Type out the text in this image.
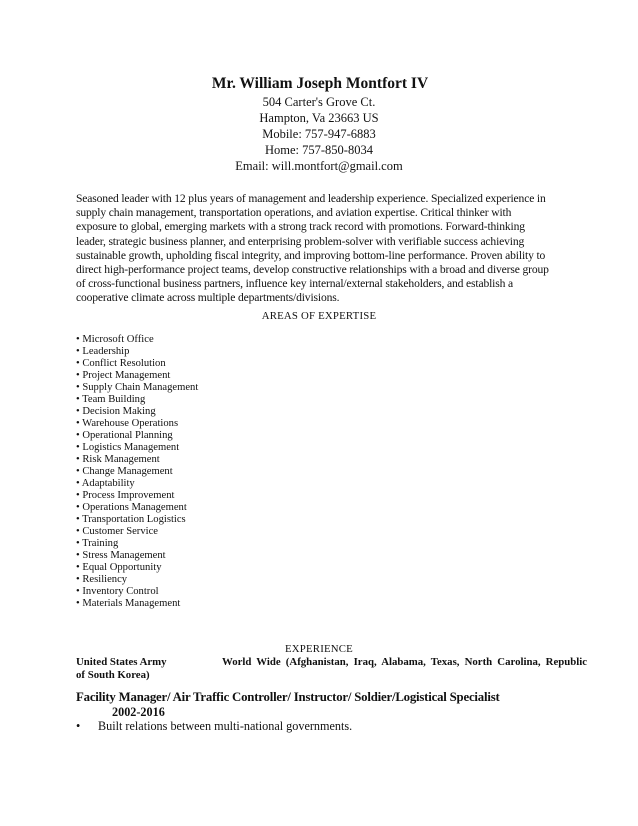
Mr. William Joseph Montfort IV
504 Carter's Grove Ct.
Hampton, Va 23663 US
Mobile: 757-947-6883
Home: 757-850-8034
Email: will.montfort@gmail.com
Seasoned leader with 12 plus years of management and leadership experience. Specialized experience in
supply chain management, transportation operations, and aviation expertise. Critical thinker with
exposure to global, emerging markets with a strong track record with promotions. Forward-thinking
leader, strategic business planner, and enterprising problem-solver with verifiable success achieving
sustainable growth, upholding fiscal integrity, and improving bottom-line performance. Proven ability to
direct high-performance project teams, develop constructive relationships with a broad and diverse group
of cross-functional business partners, influence key internal/external stakeholders, and establish a
cooperative climate across multiple departments/divisions.
AREAS OF EXPERTISE
• Microsoft Office
• Leadership
• Conflict Resolution
• Project Management
• Supply Chain Management
• Team Building
• Decision Making
• Warehouse Operations
• Operational Planning
• Logistics Management
• Risk Management
• Change Management
• Adaptability
• Process Improvement
• Operations Management
• Transportation Logistics
• Customer Service
• Training
• Stress Management
• Equal Opportunity
• Resiliency
• Inventory Control
• Materials Management
EXPERIENCE
United States Army	World Wide (Afghanistan, Iraq, Alabama, Texas, North Carolina, Republic
of South Korea)
Facility Manager/ Air Traffic Controller/ Instructor/ Soldier/Logistical Specialist
2002-2016
• Built relations between multi-national governments.
